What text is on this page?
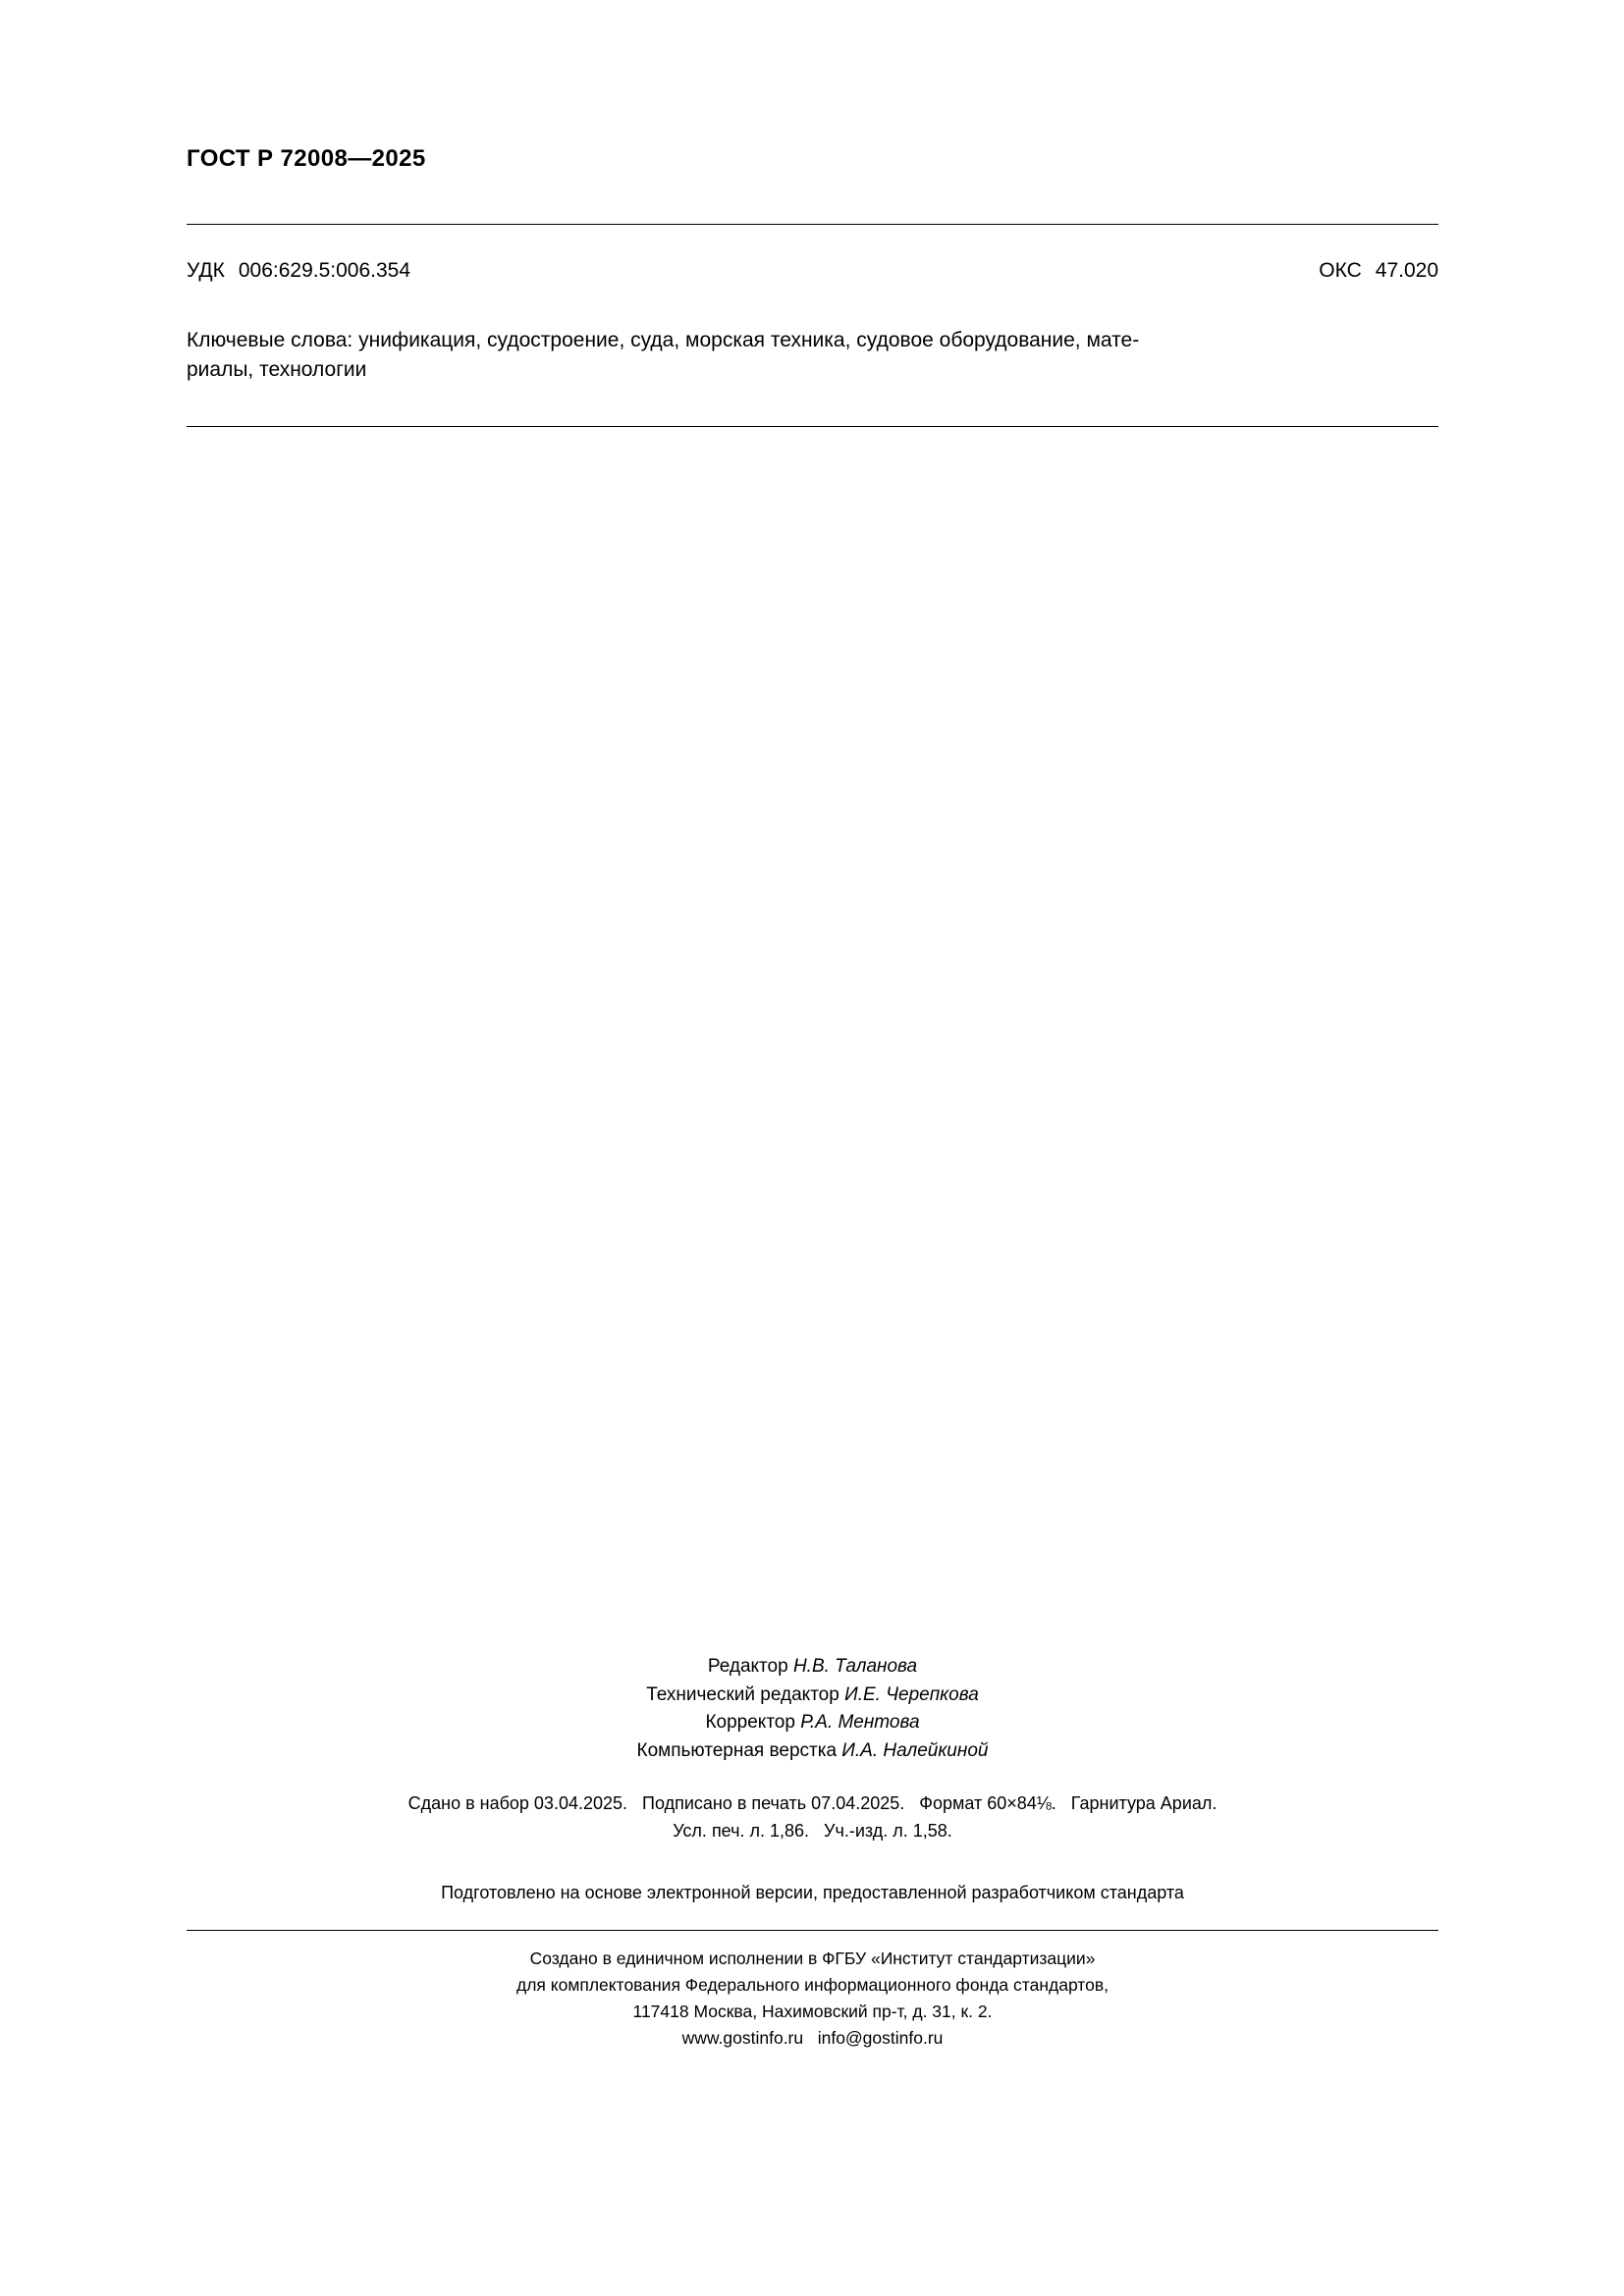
ГОСТ Р 72008—2025
УДК 006:629.5:006.354	ОКС 47.020
Ключевые слова: унификация, судостроение, суда, морская техника, судовое оборудование, мате-
риалы, технологии
Редактор Н.В. Таланова
Технический редактор И.Е. Черепкова
Корректор Р.А. Ментова
Компьютерная верстка И.А. Налейкиной
Сдано в набор 03.04.2025.   Подписано в печать 07.04.2025.   Формат 60×84⅛.   Гарнитура Ариал.
Усл. печ. л. 1,86.   Уч.-изд. л. 1,58.
Подготовлено на основе электронной версии, предоставленной разработчиком стандарта
Создано в единичном исполнении в ФГБУ «Институт стандартизации»
для комплектования Федерального информационного фонда стандартов,
117418 Москва, Нахимовский пр-т, д. 31, к. 2.
www.gostinfo.ru   info@gostinfo.ru
